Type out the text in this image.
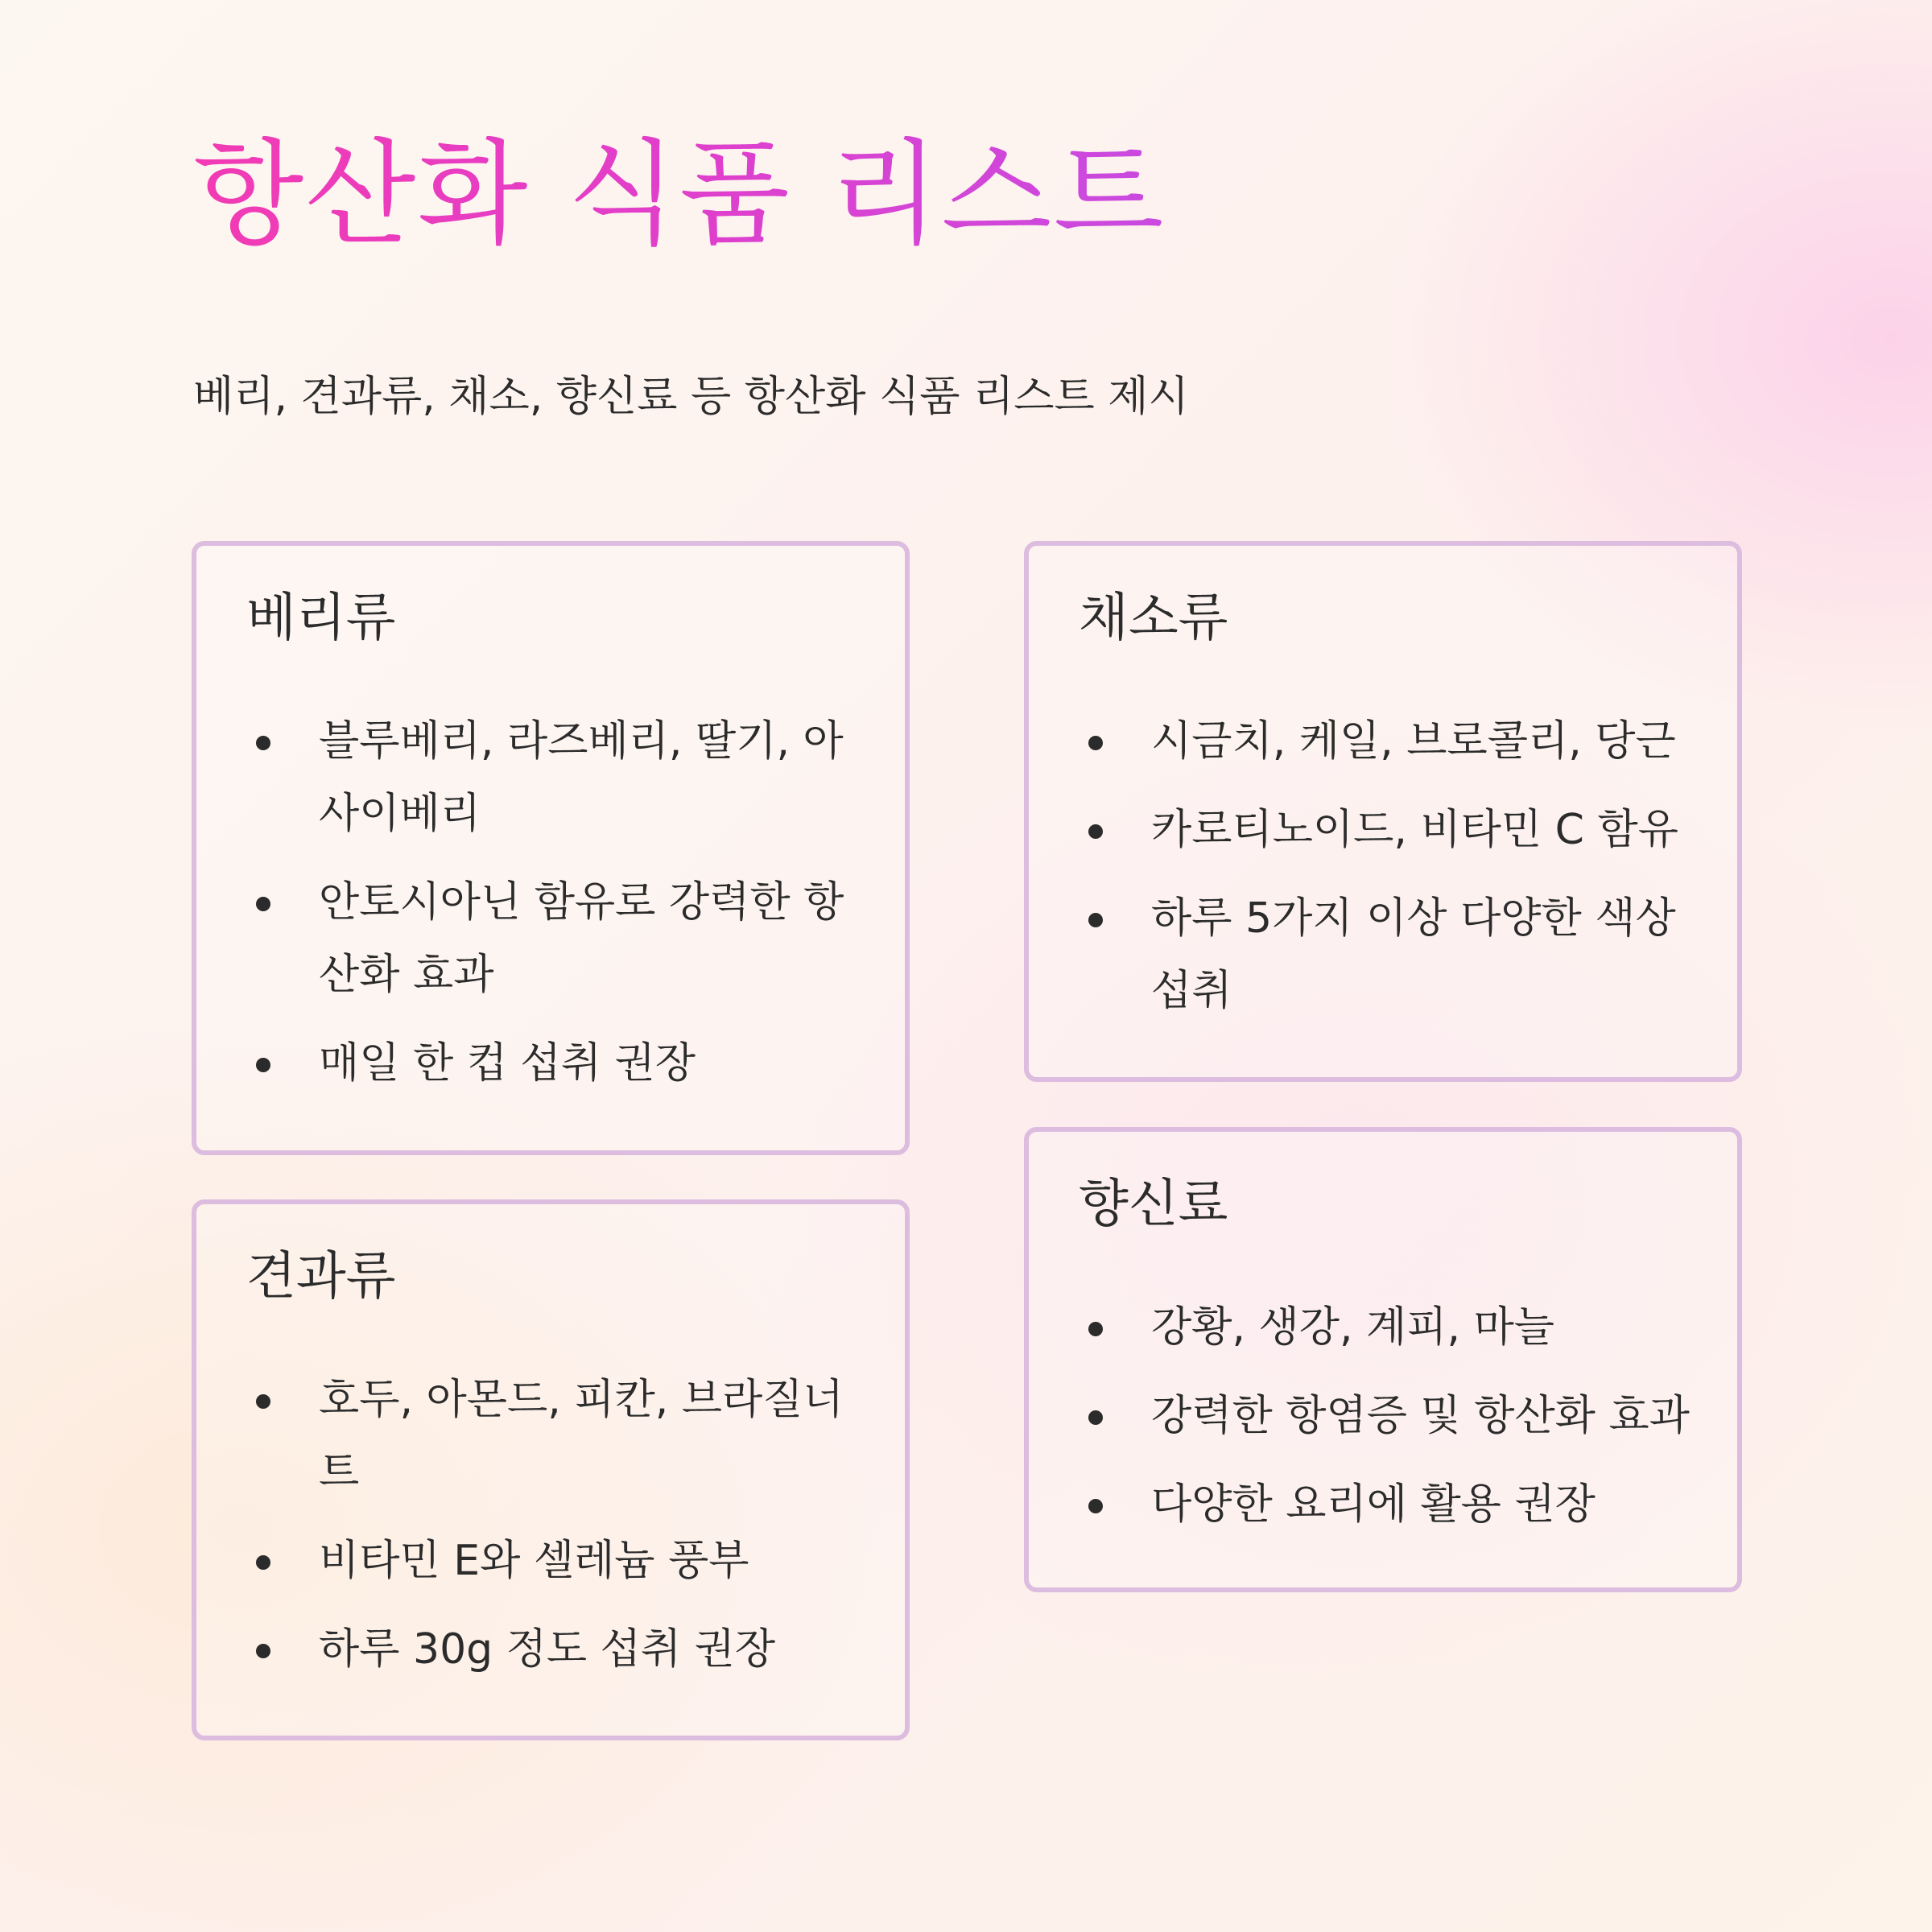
항산화 식품 리스트

베리, 견과류, 채소, 향신료 등 항산화 식품 리스트 제시

베리류
블루베리, 라즈베리, 딸기, 아사이베리
안토시아닌 함유로 강력한 항산화 효과
매일 한 컵 섭취 권장
견과류
호두, 아몬드, 피칸, 브라질너트
비타민 E와 셀레늄 풍부
하루 30g 정도 섭취 권장
채소류
시금치, 케일, 브로콜리, 당근
카로티노이드, 비타민 C 함유
하루 5가지 이상 다양한 색상 섭취
향신료
강황, 생강, 계피, 마늘
강력한 항염증 및 항산화 효과
다양한 요리에 활용 권장
